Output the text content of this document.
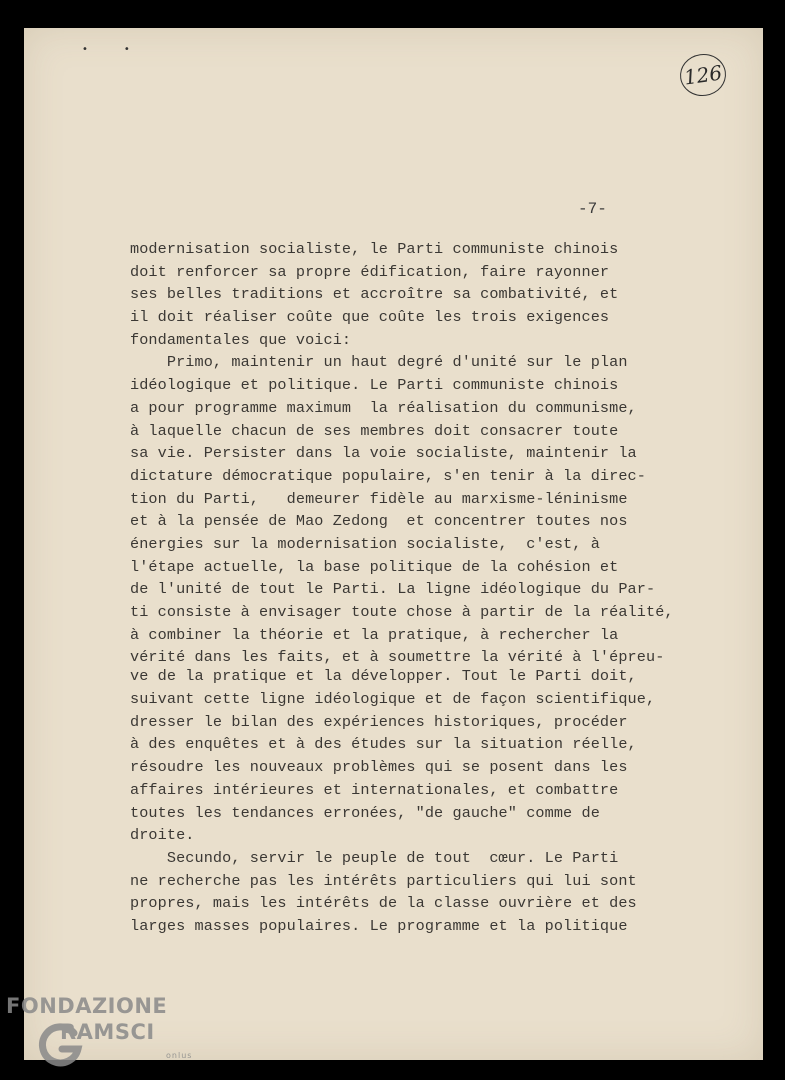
••
126
-7-
modernisation socialiste, le Parti communiste chinois
doit renforcer sa propre édification, faire rayonner
ses belles traditions et accroître sa combativité, et
il doit réaliser coûte que coûte les trois exigences
fondamentales que voici:
Primo, maintenir un haut degré d'unité sur le plan
idéologique et politique. Le Parti communiste chinois
a pour programme maximum  la réalisation du communisme,
à laquelle chacun de ses membres doit consacrer toute
sa vie. Persister dans la voie socialiste, maintenir la
dictature démocratique populaire, s'en tenir à la direc-
tion du Parti,   demeurer fidèle au marxisme-léninisme
et à la pensée de Mao Zedong  et concentrer toutes nos
énergies sur la modernisation socialiste,  c'est, à
l'étape actuelle, la base politique de la cohésion et
de l'unité de tout le Parti. La ligne idéologique du Par-
ti consiste à envisager toute chose à partir de la réalité,
à combiner la théorie et la pratique, à rechercher la
vérité dans les faits, et à soumettre la vérité à l'épreu-
ve de la pratique et la développer. Tout le Parti doit,
suivant cette ligne idéologique et de façon scientifique,
dresser le bilan des expériences historiques, procéder
à des enquêtes et à des études sur la situation réelle,
résoudre les nouveaux problèmes qui se posent dans les
affaires intérieures et internationales, et combattre
toutes les tendances erronées, "de gauche" comme de
droite.
Secundo, servir le peuple de tout  cœur. Le Parti
ne recherche pas les intérêts particuliers qui lui sont
propres, mais les intérêts de la classe ouvrière et des
larges masses populaires. Le programme et la politique
FONDAZIONE
RAMSCI
onlus
